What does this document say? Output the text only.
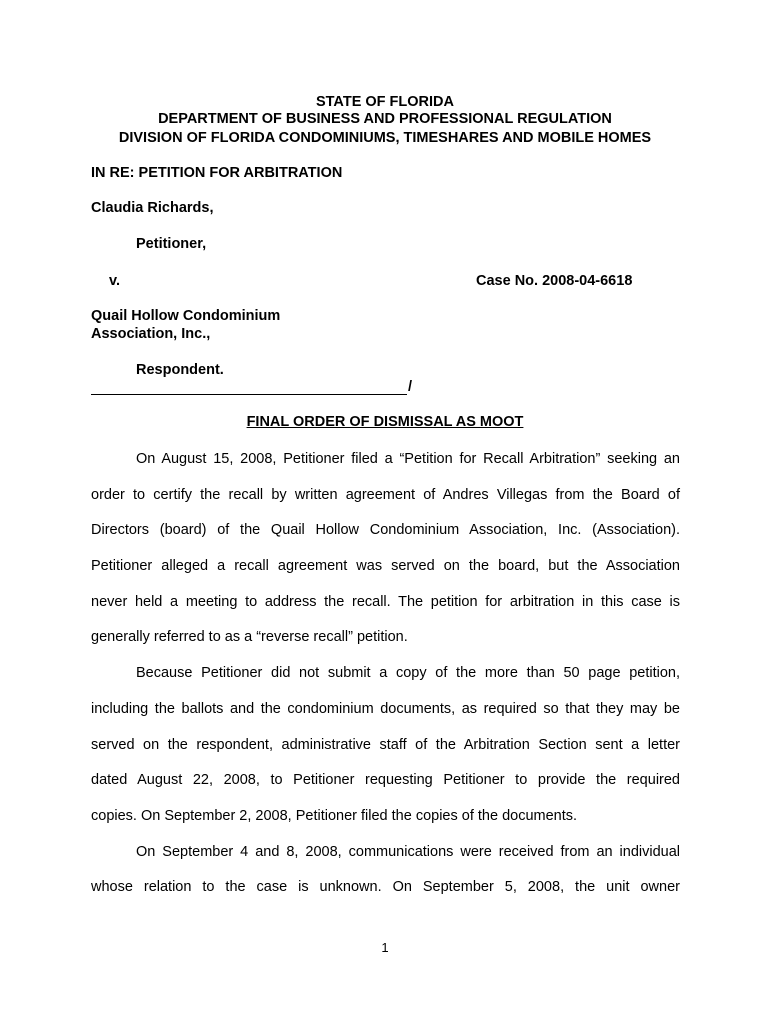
STATE OF FLORIDA
DEPARTMENT OF BUSINESS AND PROFESSIONAL REGULATION
DIVISION OF FLORIDA CONDOMINIUMS, TIMESHARES AND MOBILE HOMES
IN RE: PETITION FOR ARBITRATION
Claudia Richards,
Petitioner,
v.	Case No. 2008-04-6618
Quail Hollow Condominium
Association, Inc.,
Respondent.
/
FINAL ORDER OF DISMISSAL AS MOOT
On August 15, 2008, Petitioner filed a “Petition for Recall Arbitration” seeking an
order to certify the recall by written agreement of Andres Villegas from the Board of
Directors (board) of the Quail Hollow Condominium Association, Inc. (Association).
Petitioner alleged a recall agreement was served on the board, but the Association
never held a meeting to address the recall. The petition for arbitration in this case is
generally referred to as a “reverse recall” petition.
Because Petitioner did not submit a copy of the more than 50 page petition,
including the ballots and the condominium documents, as required so that they may be
served on the respondent, administrative staff of the Arbitration Section sent a letter
dated August 22, 2008, to Petitioner requesting Petitioner to provide the required
copies. On September 2, 2008, Petitioner filed the copies of the documents.
On September 4 and 8, 2008, communications were received from an individual
whose relation to the case is unknown. On September 5, 2008, the unit owner
1
